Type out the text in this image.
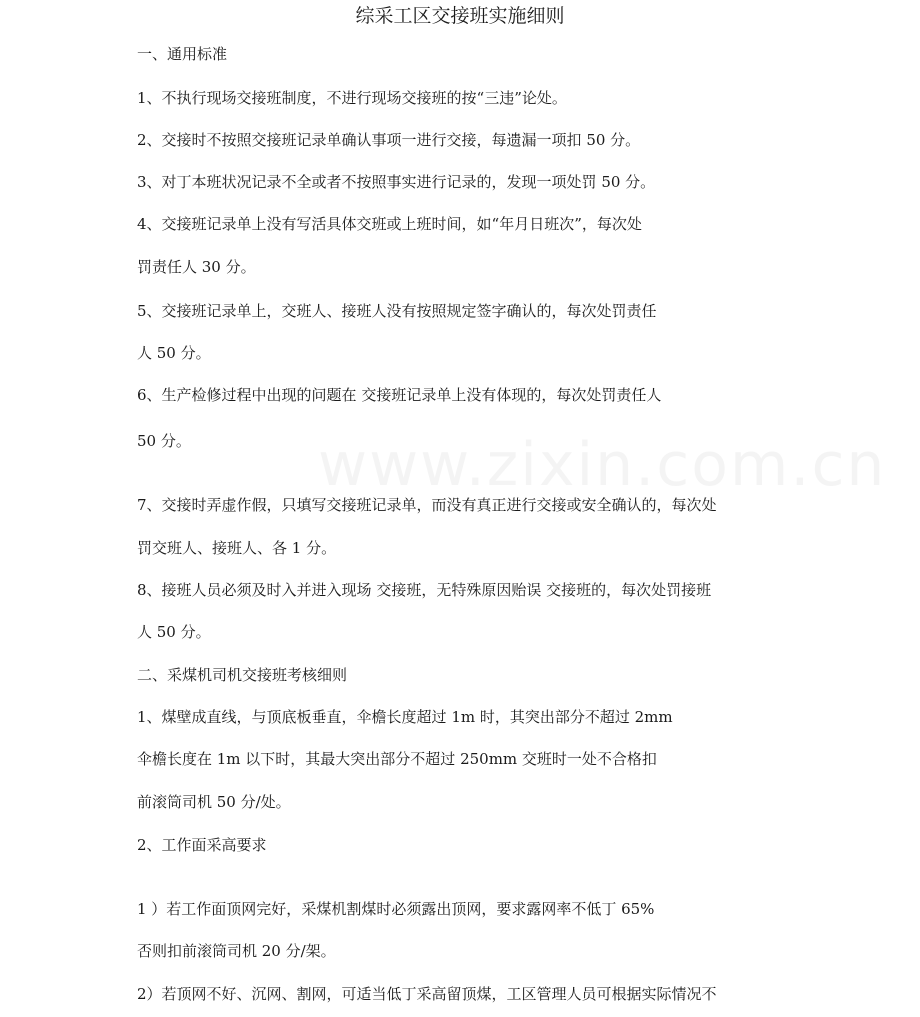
综采工区交接班实施细则
一、通用标准
1、不执行现场交接班制度，不进行现场交接班的按“三违”论处。
2、交接时不按照交接班记录单确认事项一进行交接，每遗漏一项扣 50 分。
3、对丁本班状况记录不全或者不按照事实进行记录的，发现一项处罚 50 分。
4、交接班记录单上没有写活具体交班或上班时间，如“年月日班次”，每次处
罚责任人 30 分。
5、交接班记录单上，交班人、接班人没有按照规定签字确认的，每次处罚责任
人 50 分。
6、生产检修过程中出现的问题在 交接班记录单上没有体现的，每次处罚责任人
50 分。 www.zixin.com.cn
7、交接时弄虚作假，只填写交接班记录单，而没有真正进行交接或安全确认的，每次处
罚交班人、接班人、各 1 分。
8、接班人员必须及时入并进入现场 交接班，无特殊原因贻误 交接班的，每次处罚接班
人 50 分。
二、采煤机司机交接班考核细则
1、煤壁成直线，与顶底板垂直，伞檐长度超过 1m 时，其突出部分不超过 2mm
伞檐长度在 1m 以下时，其最大突出部分不超过 250mm 交班时一处不合格扣
前滚筒司机 50 分/处。
2、工作面采高要求
1 ）若工作面顶网完好，采煤机割煤时必须露出顶网，要求露网率不低丁 65%
否则扣前滚筒司机 20 分/架。
2）若顶网不好、沉网、割网，可适当低丁采高留顶煤，工区管理人员可根据实际情况不
